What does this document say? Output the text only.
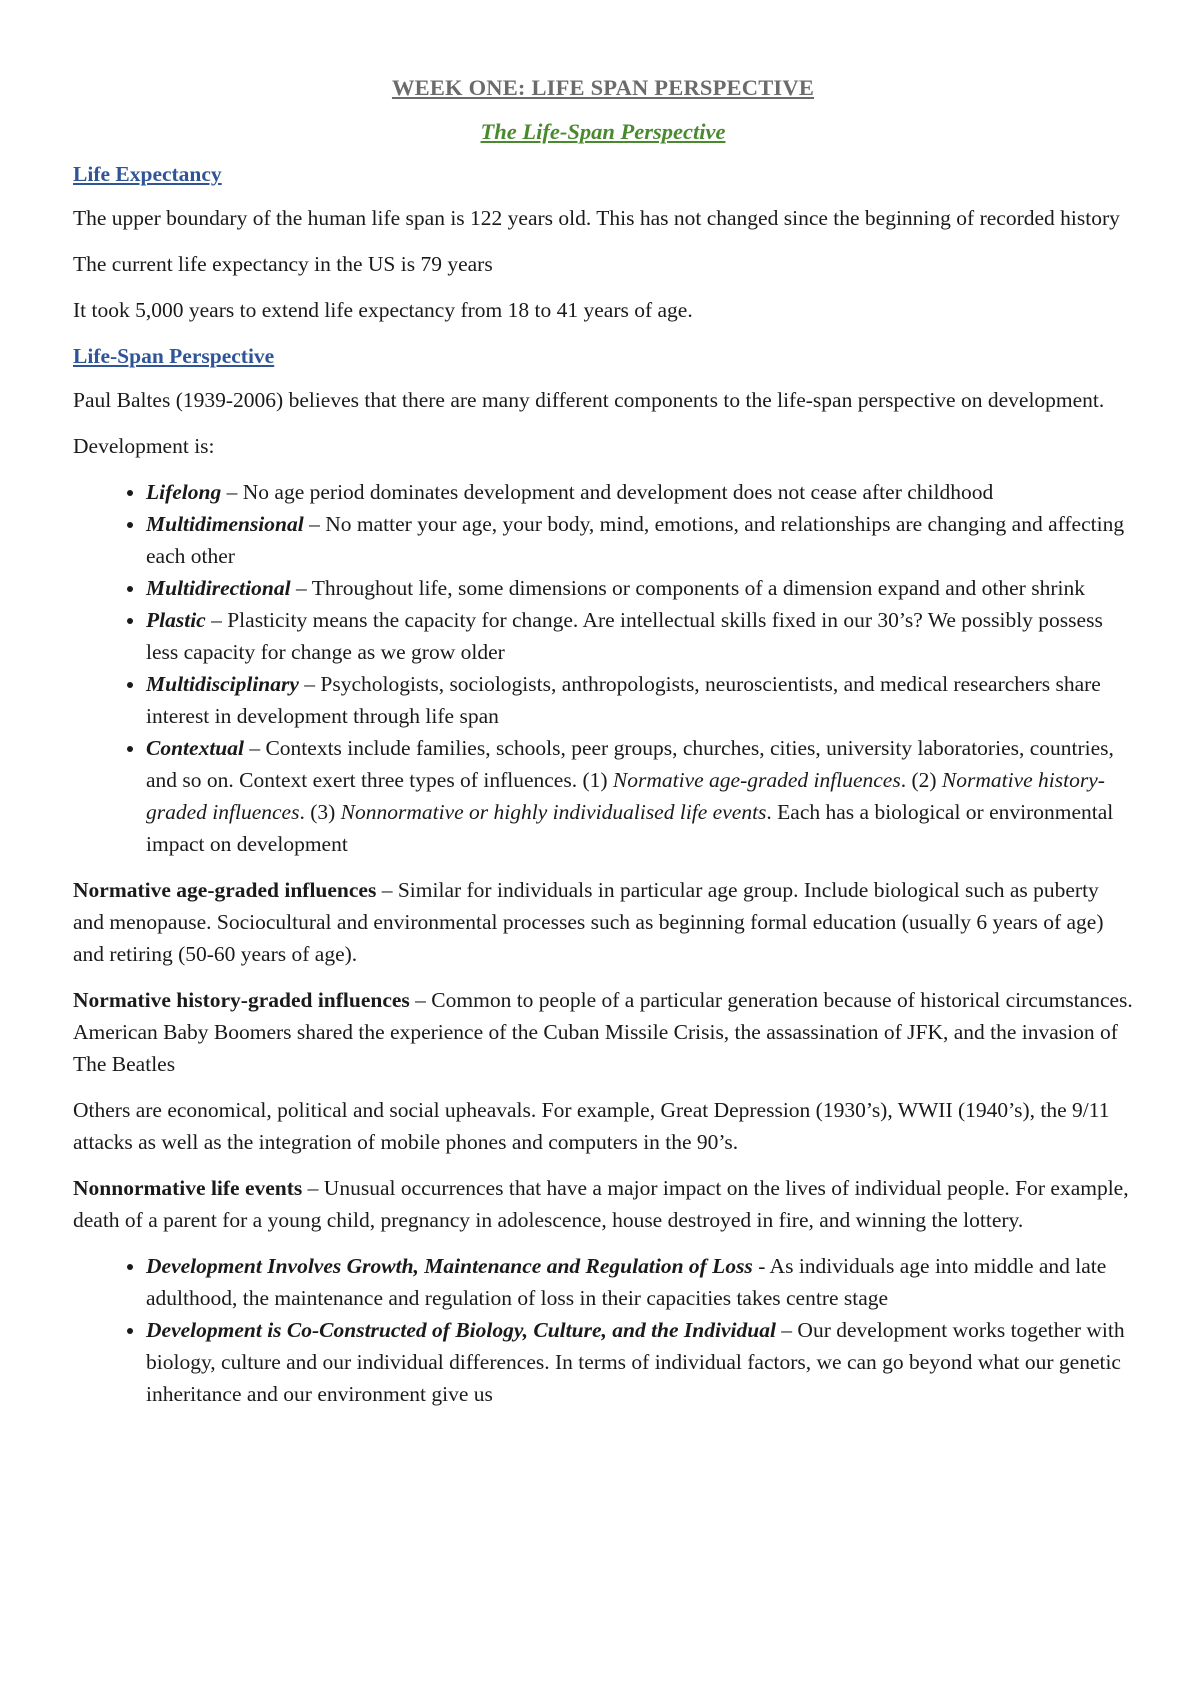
WEEK ONE: LIFE SPAN PERSPECTIVE
The Life-Span Perspective
Life Expectancy

The upper boundary of the human life span is 122 years old. This has not changed since the beginning of recorded history

The current life expectancy in the US is 79 years

It took 5,000 years to extend life expectancy from 18 to 41 years of age.

Life-Span Perspective

Paul Baltes (1939-2006) believes that there are many different components to the life-span perspective on development.

Development is:

• Lifelong – No age period dominates development and development does not cease after childhood
• Multidimensional – No matter your age, your body, mind, emotions, and relationships are changing and affecting each other
• Multidirectional – Throughout life, some dimensions or components of a dimension expand and other shrink
• Plastic – Plasticity means the capacity for change. Are intellectual skills fixed in our 30’s? We possibly possess less capacity for change as we grow older
• Multidisciplinary – Psychologists, sociologists, anthropologists, neuroscientists, and medical researchers share interest in development through life span
• Contextual – Contexts include families, schools, peer groups, churches, cities, university laboratories, countries, and so on. Context exert three types of influences. (1) Normative age-graded influences. (2) Normative history-graded influences. (3) Nonnormative or highly individualised life events. Each has a biological or environmental impact on development

Normative age-graded influences – Similar for individuals in particular age group. Include biological such as puberty and menopause. Sociocultural and environmental processes such as beginning formal education (usually 6 years of age) and retiring (50-60 years of age).

Normative history-graded influences – Common to people of a particular generation because of historical circumstances. American Baby Boomers shared the experience of the Cuban Missile Crisis, the assassination of JFK, and the invasion of The Beatles

Others are economical, political and social upheavals. For example, Great Depression (1930’s), WWII (1940’s), the 9/11 attacks as well as the integration of mobile phones and computers in the 90’s.

Nonnormative life events – Unusual occurrences that have a major impact on the lives of individual people. For example, death of a parent for a young child, pregnancy in adolescence, house destroyed in fire, and winning the lottery.

• Development Involves Growth, Maintenance and Regulation of Loss - As individuals age into middle and late adulthood, the maintenance and regulation of loss in their capacities takes centre stage
• Development is Co-Constructed of Biology, Culture, and the Individual – Our development works together with biology, culture and our individual differences. In terms of individual factors, we can go beyond what our genetic inheritance and our environment give us
